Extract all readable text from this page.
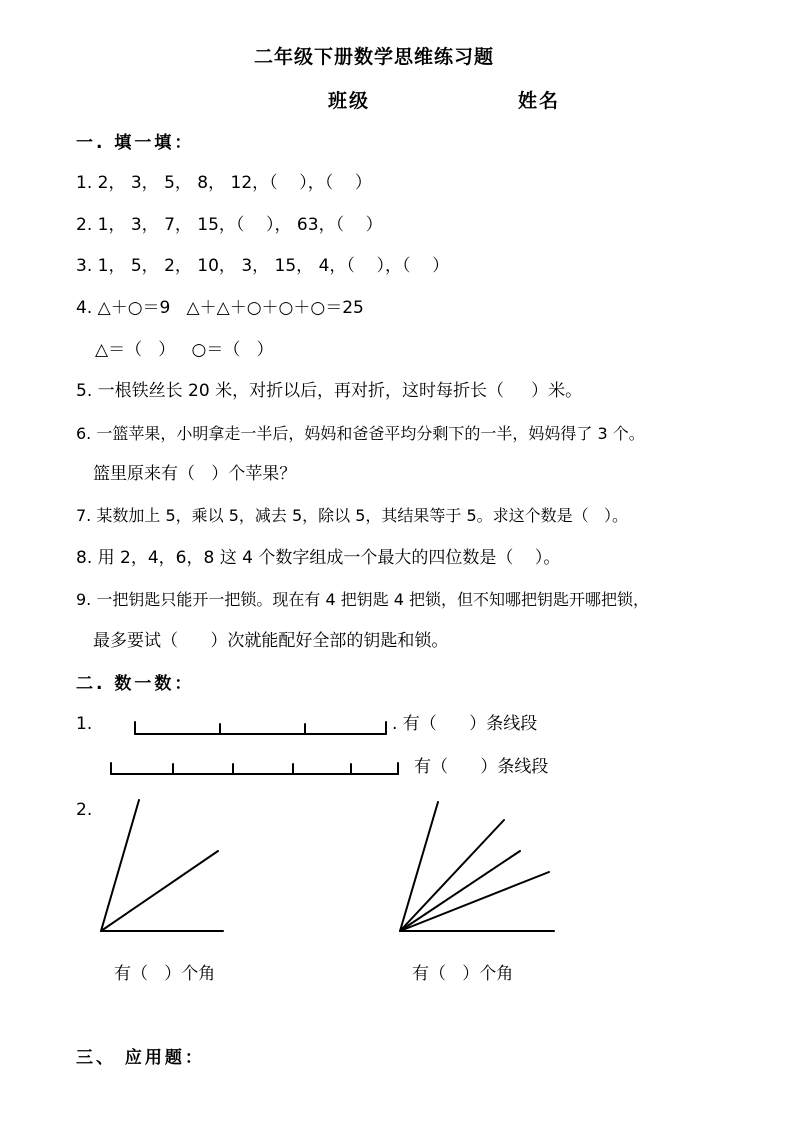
二年级下册数学思维练习题
班级	姓名
一. 填一填：
1. 2， 3， 5， 8， 12，（    ），（    ）
2. 1， 3， 7， 15，（    ）， 63，（    ）
3. 1， 5， 2， 10， 3， 15， 4，（    ），（    ）
4. △＋○＝9   △＋△＋○＋○＋○＝25
△＝（   ）   ○＝（   ）
5. 一根铁丝长 20 米，对折以后，再对折，这时每折长（     ）米。
6. 一篮苹果，小明拿走一半后，妈妈和爸爸平均分剩下的一半，妈妈得了 3 个。
篮里原来有（   ）个苹果？
7. 某数加上 5，乘以 5，减去 5，除以 5，其结果等于 5。求这个数是（   ）。
8. 用 2，4，6，8 这 4 个数字组成一个最大的四位数是（    ）。
9. 一把钥匙只能开一把锁。现在有 4 把钥匙 4 把锁，但不知哪把钥匙开哪把锁，
最多要试（      ）次就能配好全部的钥匙和锁。
二. 数一数：
1.	. 有（      ）条线段
有（      ）条线段
2.
有（   ）个角	有（   ）个角
三、 应用题：
